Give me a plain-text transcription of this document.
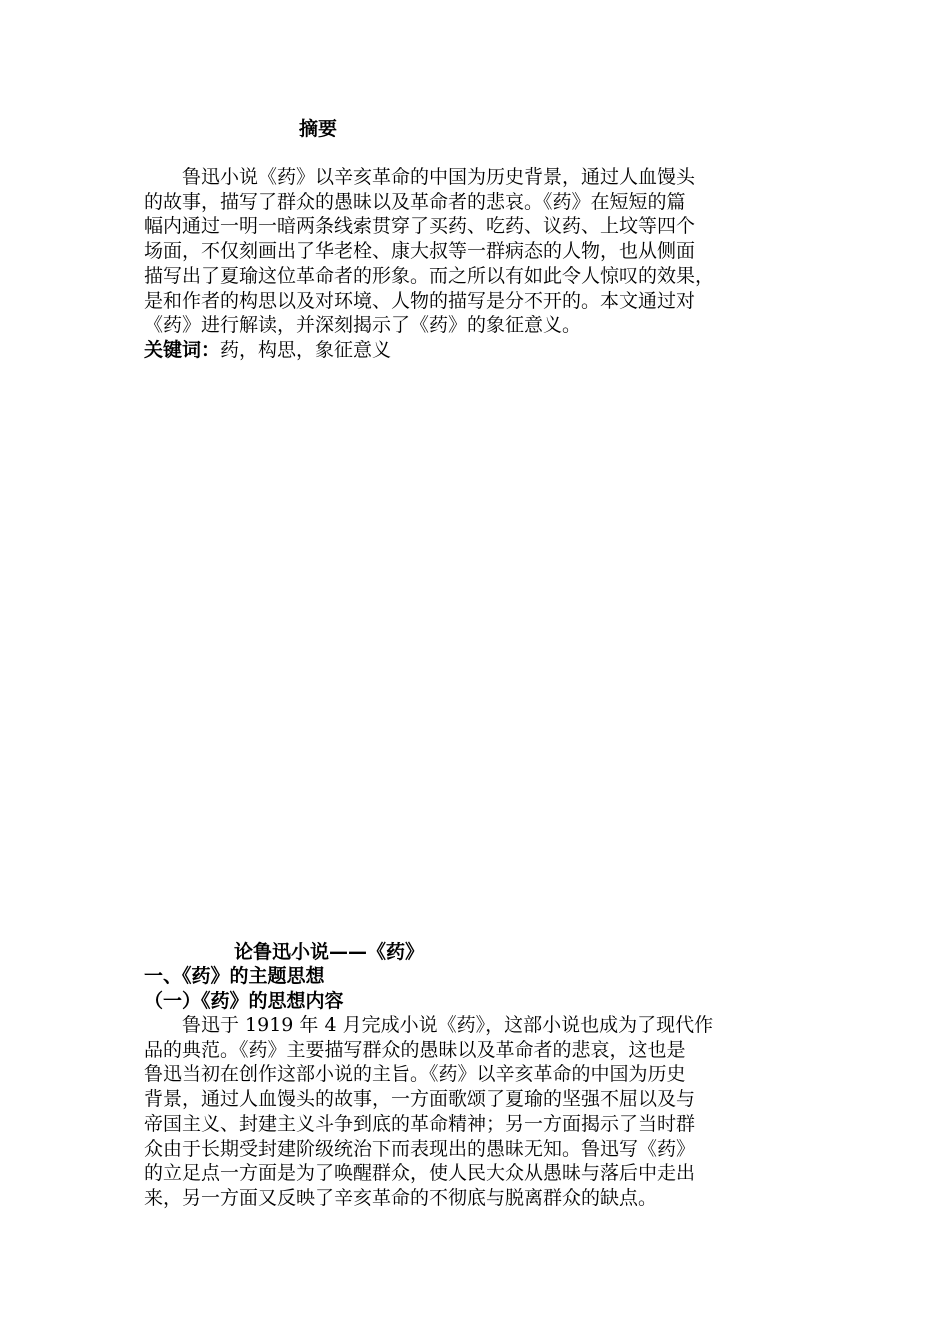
摘要
鲁迅小说《药》以辛亥革命的中国为历史背景，通过人血馒头
的故事，描写了群众的愚昧以及革命者的悲哀。《药》在短短的篇
幅内通过一明一暗两条线索贯穿了买药、吃药、议药、上坟等四个
场面，不仅刻画出了华老栓、康大叔等一群病态的人物，也从侧面
描写出了夏瑜这位革命者的形象。而之所以有如此令人惊叹的效果，
是和作者的构思以及对环境、人物的描写是分不开的。本文通过对
《药》进行解读，并深刻揭示了《药》的象征意义。
关键词：药，构思，象征意义
论鲁迅小说——《药》
一、《药》的主题思想
（一）《药》的思想内容
鲁迅于 1919 年 4 月完成小说《药》，这部小说也成为了现代作
品的典范。《药》主要描写群众的愚昧以及革命者的悲哀，这也是
鲁迅当初在创作这部小说的主旨。《药》以辛亥革命的中国为历史
背景，通过人血馒头的故事，一方面歌颂了夏瑜的坚强不屈以及与
帝国主义、封建主义斗争到底的革命精神；另一方面揭示了当时群
众由于长期受封建阶级统治下而表现出的愚昧无知。鲁迅写《药》
的立足点一方面是为了唤醒群众，使人民大众从愚昧与落后中走出
来，另一方面又反映了辛亥革命的不彻底与脱离群众的缺点。
